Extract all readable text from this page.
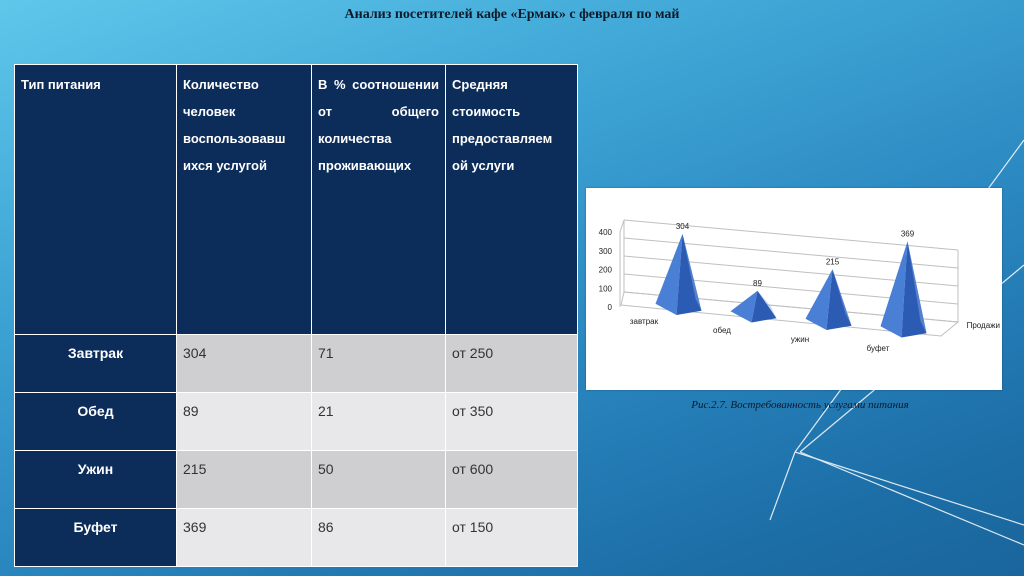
Анализ посетителей кафе «Ермак» с февраля по май
Тип питания	Количество человек воспользовавш ихся услугой	В % соотношении от общего количества проживающих	Средняя стоимость предоставляем ой услуги
Завтрак	304	71	от 250
Обед	89	21	от 350
Ужин	215	50	от 600
Буфет	369	86	от 150
0
100
200
300
400
304
завтрак
89
обед
215
ужин
369
буфет
Продажи
Рис.2.7. Востребованность услугами питания
